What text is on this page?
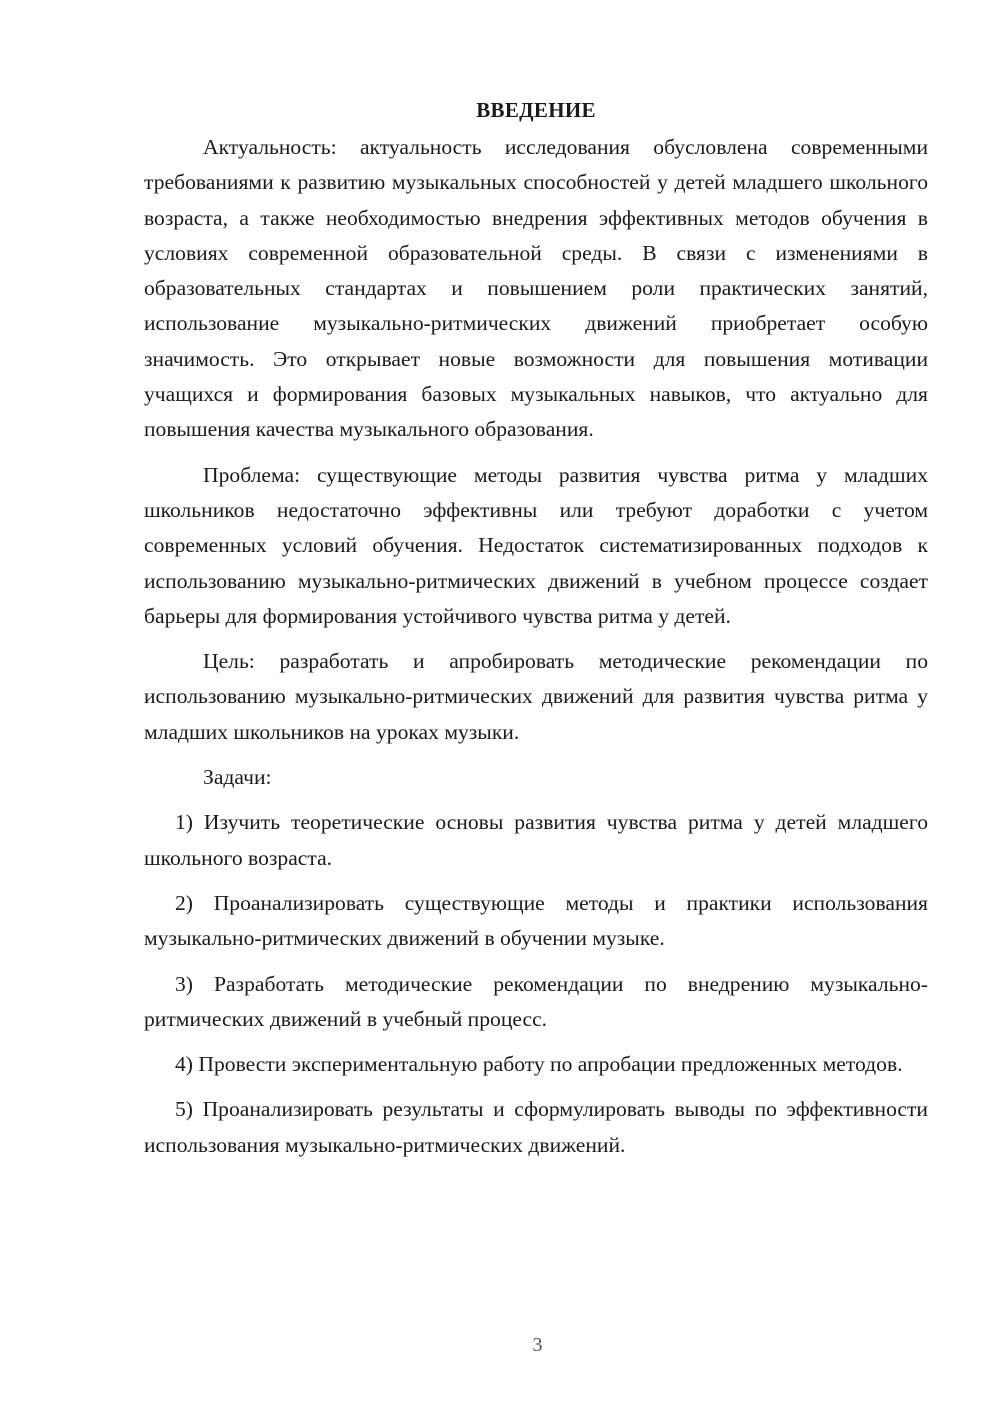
ВВЕДЕНИЕ

Актуальность: актуальность исследования обусловлена современными требованиями к развитию музыкальных способностей у детей младшего школьного возраста, а также необходимостью внедрения эффективных методов обучения в условиях современной образовательной среды. В связи с изменениями в образовательных стандартах и повышением роли практических занятий, использование музыкально-ритмических движений приобретает особую значимость. Это открывает новые возможности для повышения мотивации учащихся и формирования базовых музыкальных навыков, что актуально для повышения качества музыкального образования.

Проблема: существующие методы развития чувства ритма у младших школьников недостаточно эффективны или требуют доработки с учетом современных условий обучения. Недостаток систематизированных подходов к использованию музыкально-ритмических движений в учебном процессе создает барьеры для формирования устойчивого чувства ритма у детей.

Цель: разработать и апробировать методические рекомендации по использованию музыкально-ритмических движений для развития чувства ритма у младших школьников на уроках музыки.

Задачи:

1) Изучить теоретические основы развития чувства ритма у детей младшего школьного возраста.

2) Проанализировать существующие методы и практики использования музыкально-ритмических движений в обучении музыке.

3) Разработать методические рекомендации по внедрению музыкально-ритмических движений в учебный процесс.

4) Провести экспериментальную работу по апробации предложенных методов.

5) Проанализировать результаты и сформулировать выводы по эффективности использования музыкально-ритмических движений.

3
